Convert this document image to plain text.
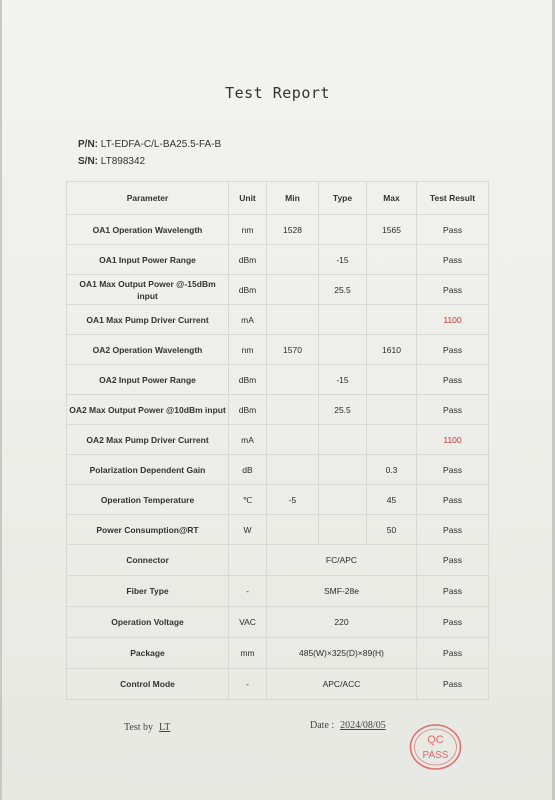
Test Report
P/N: LT-EDFA-C/L-BA25.5-FA-B
S/N: LT898342
Parameter	Unit	Min	Type	Max	Test Result
OA1 Operation Wavelength	nm	1528		1565	Pass
OA1 Input Power Range	dBm		-15		Pass
OA1 Max Output Power @-15dBm input	dBm		25.5		Pass
OA1 Max Pump Driver Current	mA				1100
OA2 Operation Wavelength	nm	1570		1610	Pass
OA2 Input Power Range	dBm		-15		Pass
OA2 Max Output Power @10dBm input	dBm		25.5		Pass
OA2 Max Pump Driver Current	mA				1100
Polarization Dependent Gain	dB			0.3	Pass
Operation Temperature	℃	-5		45	Pass
Power Consumption@RT	W			50	Pass
Connector		FC/APC			Pass
Fiber Type	-	SMF-28e			Pass
Operation Voltage	VAC	220			Pass
Package	mm	485(W)×325(D)×89(H)			Pass
Control Mode	-	APC/ACC			Pass
Test by LT	Date : 2024/08/05
QC
PASS
